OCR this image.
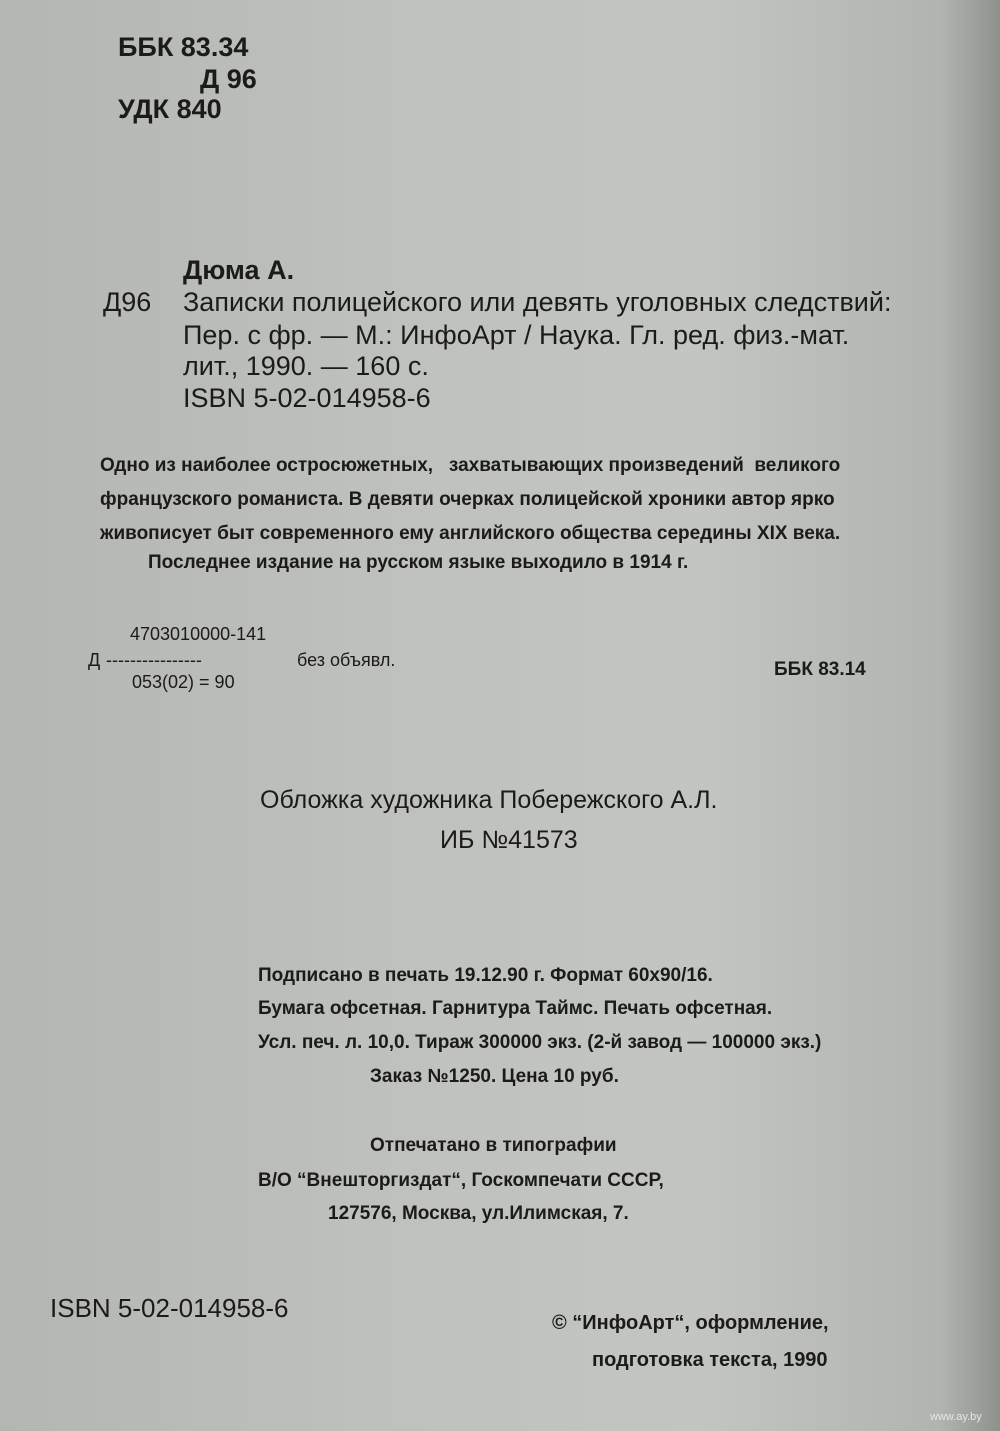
ББК 83.34
Д 96
УДК 840
Дюма А.
Д96 Записки полицейского или девять уголовных следствий:
Пер. с фр. — М.: ИнфоАрт / Наука. Гл. ред. физ.-мат.
лит., 1990. — 160 с.
ISBN 5-02-014958-6
Одно из наиболее остросюжетных,   захватывающих произведений  великого
французского романиста. В девяти очерках полицейской хроники автор ярко
живописует быт современного ему английского общества середины XIX века.
Последнее издание на русском языке выходило в 1914 г.
4703010000-141
Д ----------------	без объявл.
053(02) = 90
ББК 83.14
Обложка художника Побережского А.Л.
ИБ №41573
Подписано в печать 19.12.90 г. Формат 60х90/16.
Бумага офсетная. Гарнитура Таймс. Печать офсетная.
Усл. печ. л. 10,0. Тираж 300000 экз. (2-й завод — 100000 экз.)
Заказ №1250. Цена 10 руб.
Отпечатано в типографии
В/О “Внешторгиздат“, Госкомпечати СССР,
127576, Москва, ул.Илимская, 7.
ISBN 5-02-014958-6	© “ИнфоАрт“, оформление,
подготовка текста, 1990
www.ay.by
